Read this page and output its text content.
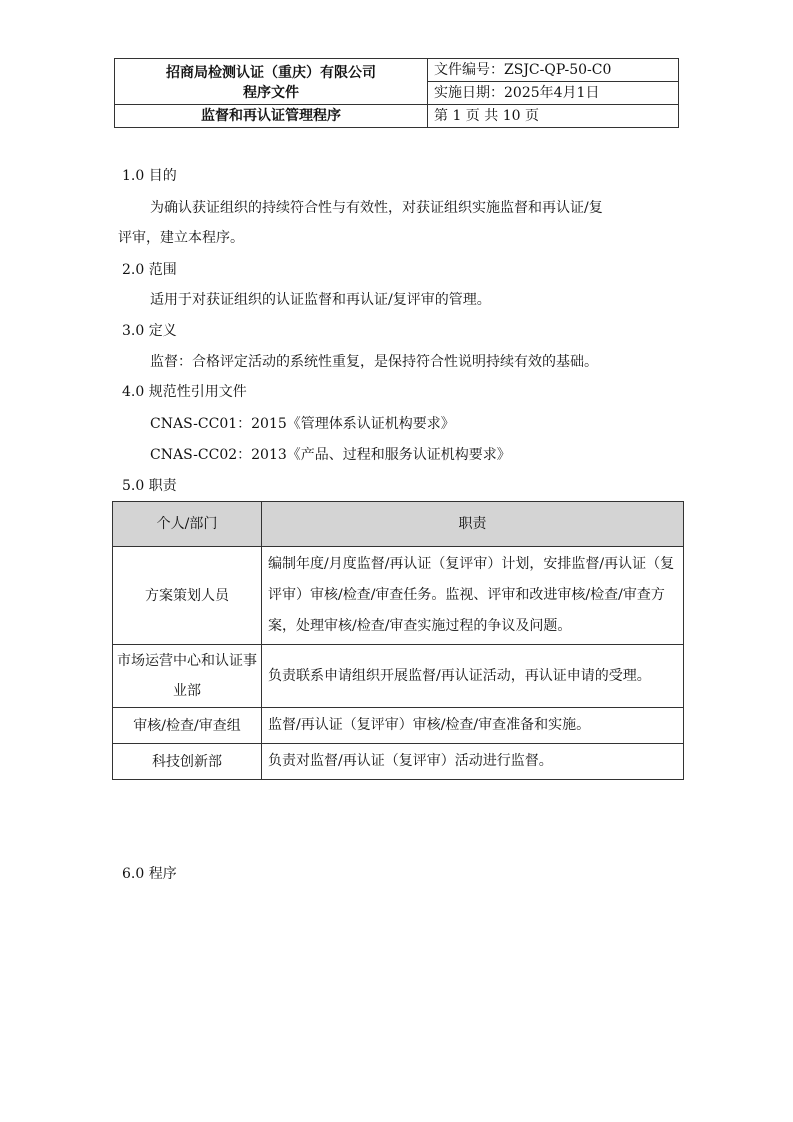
招商局检测认证（重庆）有限公司
程序文件	文件编号：ZSJC-QP-50-C0
	实施日期：2025年4月1日
监督和再认证管理程序	第 1 页 共 10 页
1.0 目的
为确认获证组织的持续符合性与有效性，对获证组织实施监督和再认证/复
评审，建立本程序。
2.0 范围
适用于对获证组织的认证监督和再认证/复评审的管理。
3.0 定义
监督：合格评定活动的系统性重复，是保持符合性说明持续有效的基础。
4.0 规范性引用文件
CNAS-CC01：2015《管理体系认证机构要求》
CNAS-CC02：2013《产品、过程和服务认证机构要求》
5.0 职责
个人/部门	职责
方案策划人员	编制年度/月度监督/再认证（复评审）计划，安排监督/再认证（复评审）审核/检查/审查任务。监视、评审和改进审核/检查/审查方案，处理审核/检查/审查实施过程的争议及问题。
市场运营中心和认证事业部	负责联系申请组织开展监督/再认证活动，再认证申请的受理。
审核/检查/审查组	监督/再认证（复评审）审核/检查/审查准备和实施。
科技创新部	负责对监督/再认证（复评审）活动进行监督。
6.0 程序
